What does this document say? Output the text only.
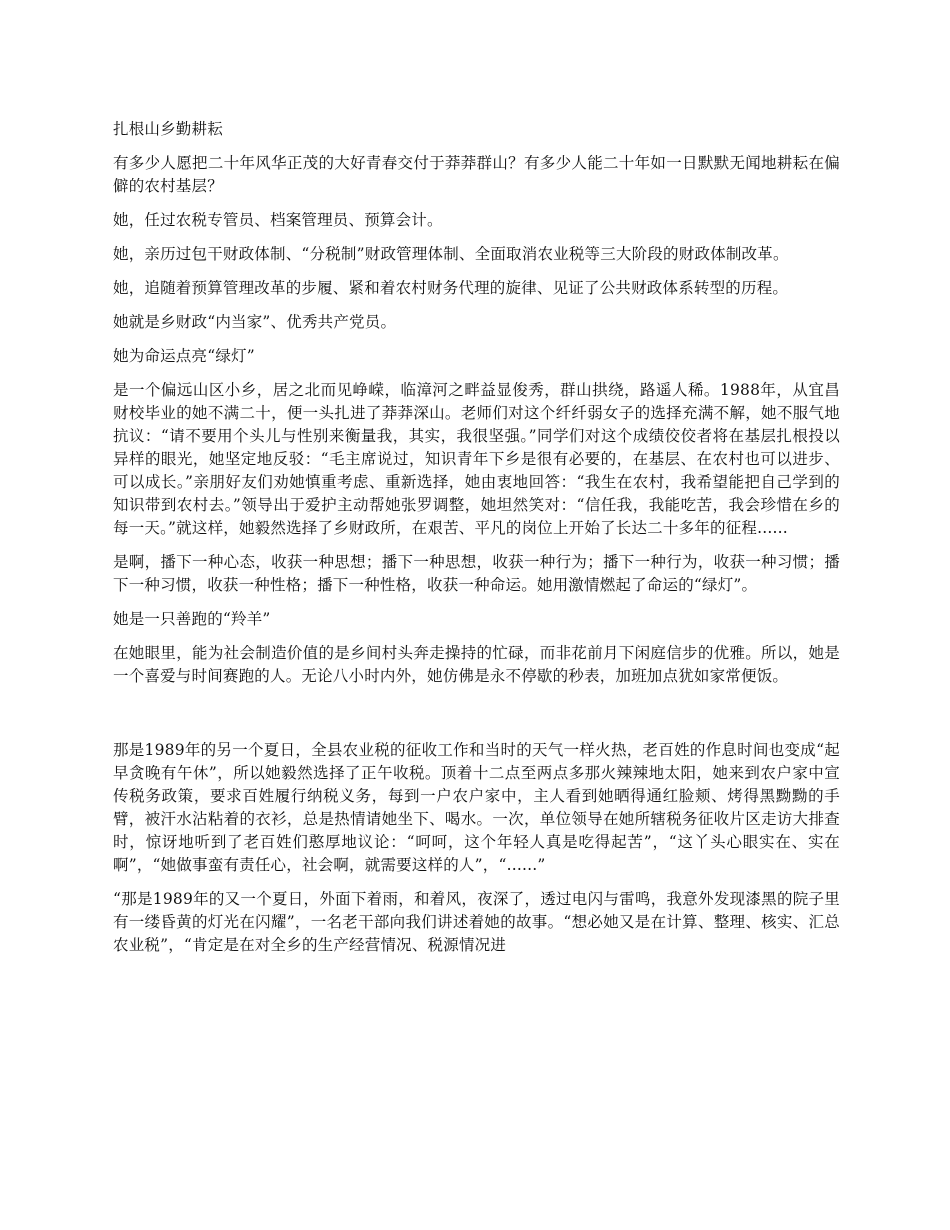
扎根山乡勤耕耘

有多少人愿把二十年风华正茂的大好青春交付于莽莽群山？有多少人能二十年如一日默默无闻地耕耘在偏僻的农村基层？

她，任过农税专管员、档案管理员、预算会计。

她，亲历过包干财政体制、“分税制”财政管理体制、全面取消农业税等三大阶段的财政体制改革。

她，追随着预算管理改革的步履、紧和着农村财务代理的旋律、见证了公共财政体系转型的历程。

她就是乡财政“内当家”、优秀共产党员。

她为命运点亮“绿灯”

是一个偏远山区小乡，居之北而见峥嵘，临漳河之畔益显俊秀，群山拱绕，路遥人稀。1988年，从宜昌财校毕业的她不满二十，便一头扎进了莽莽深山。老师们对这个纤纤弱女子的选择充满不解，她不服气地抗议：“请不要用个头儿与性别来衡量我，其实，我很坚强。”同学们对这个成绩佼佼者将在基层扎根投以异样的眼光，她坚定地反驳：“毛主席说过，知识青年下乡是很有必要的，在基层、在农村也可以进步、可以成长。”亲朋好友们劝她慎重考虑、重新选择，她由衷地回答：“我生在农村，我希望能把自己学到的知识带到农村去。”领导出于爱护主动帮她张罗调整，她坦然笑对：“信任我，我能吃苦，我会珍惜在乡的每一天。”就这样，她毅然选择了乡财政所，在艰苦、平凡的岗位上开始了长达二十多年的征程......

是啊，播下一种心态，收获一种思想；播下一种思想，收获一种行为；播下一种行为，收获一种习惯；播下一种习惯，收获一种性格；播下一种性格，收获一种命运。她用激情燃起了命运的“绿灯”。

她是一只善跑的“羚羊”

在她眼里，能为社会制造价值的是乡间村头奔走操持的忙碌，而非花前月下闲庭信步的优雅。所以，她是一个喜爱与时间赛跑的人。无论八小时内外，她仿佛是永不停歇的秒表，加班加点犹如家常便饭。

那是1989年的另一个夏日，全县农业税的征收工作和当时的天气一样火热，老百姓的作息时间也变成“起早贪晚有午休”，所以她毅然选择了正午收税。顶着十二点至两点多那火辣辣地太阳，她来到农户家中宣传税务政策，要求百姓履行纳税义务，每到一户农户家中，主人看到她晒得通红脸颊、烤得黑黝黝的手臂，被汗水沾粘着的衣衫，总是热情请她坐下、喝水。一次，单位领导在她所辖税务征收片区走访大排查时，惊讶地听到了老百姓们憨厚地议论：“呵呵，这个年轻人真是吃得起苦”，“这丫头心眼实在、实在啊”，“她做事蛮有责任心，社会啊，就需要这样的人”，“......”

“那是1989年的又一个夏日，外面下着雨，和着风，夜深了，透过电闪与雷鸣，我意外发现漆黑的院子里有一缕昏黄的灯光在闪耀”，一名老干部向我们讲述着她的故事。“想必她又是在计算、整理、核实、汇总农业税”，“肯定是在对全乡的生产经营情况、税源情况进
